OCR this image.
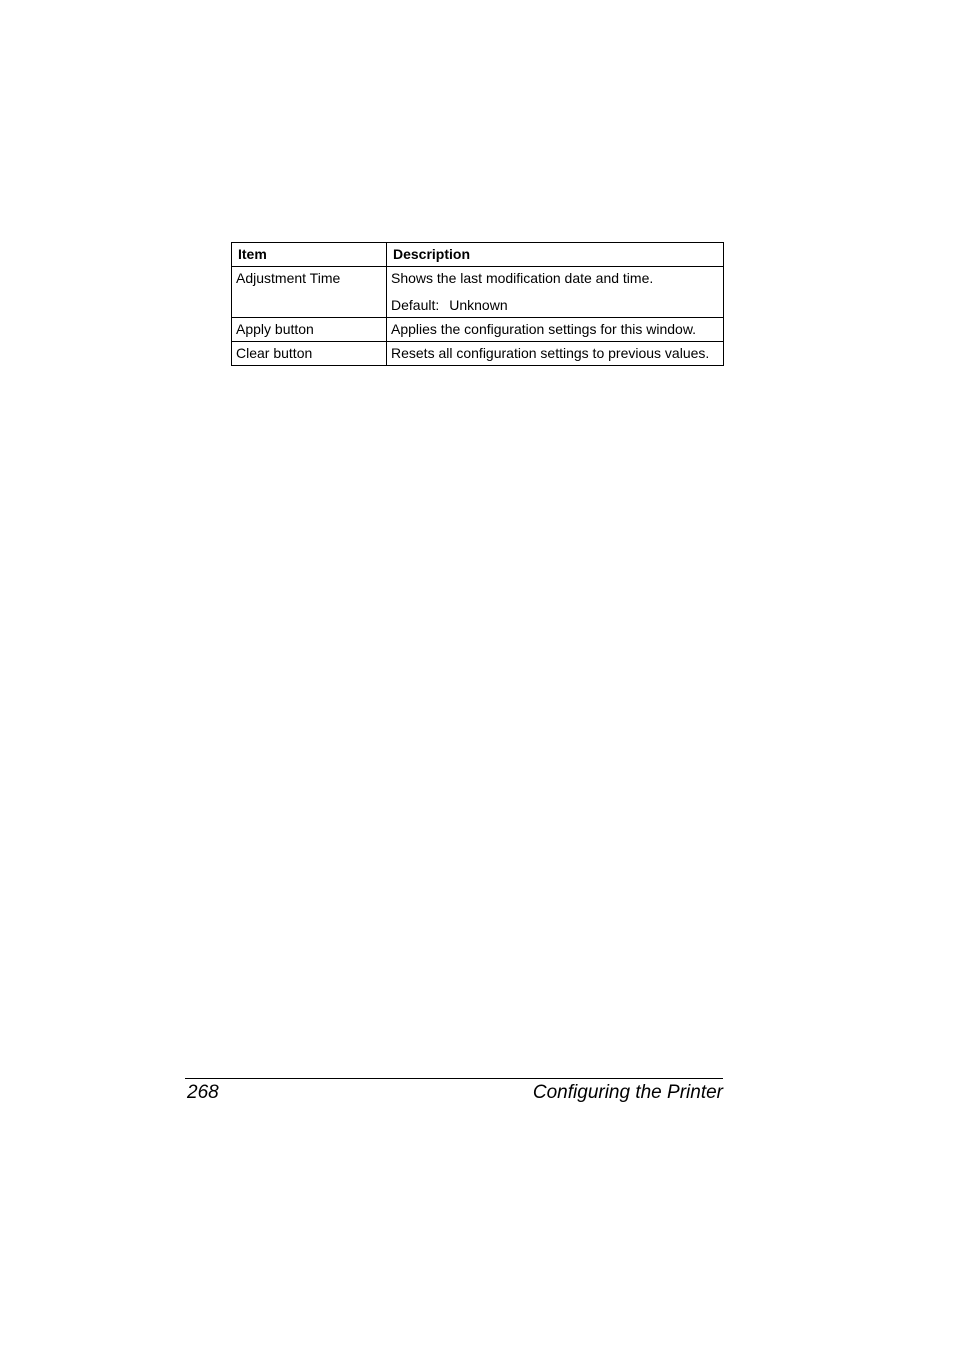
Item	Description
Adjustment Time	Shows the last modification date and time.

Default: Unknown

Apply button	Applies the configuration settings for this window.
Clear button	Resets all configuration settings to previous values.
268	Configuring the Printer
